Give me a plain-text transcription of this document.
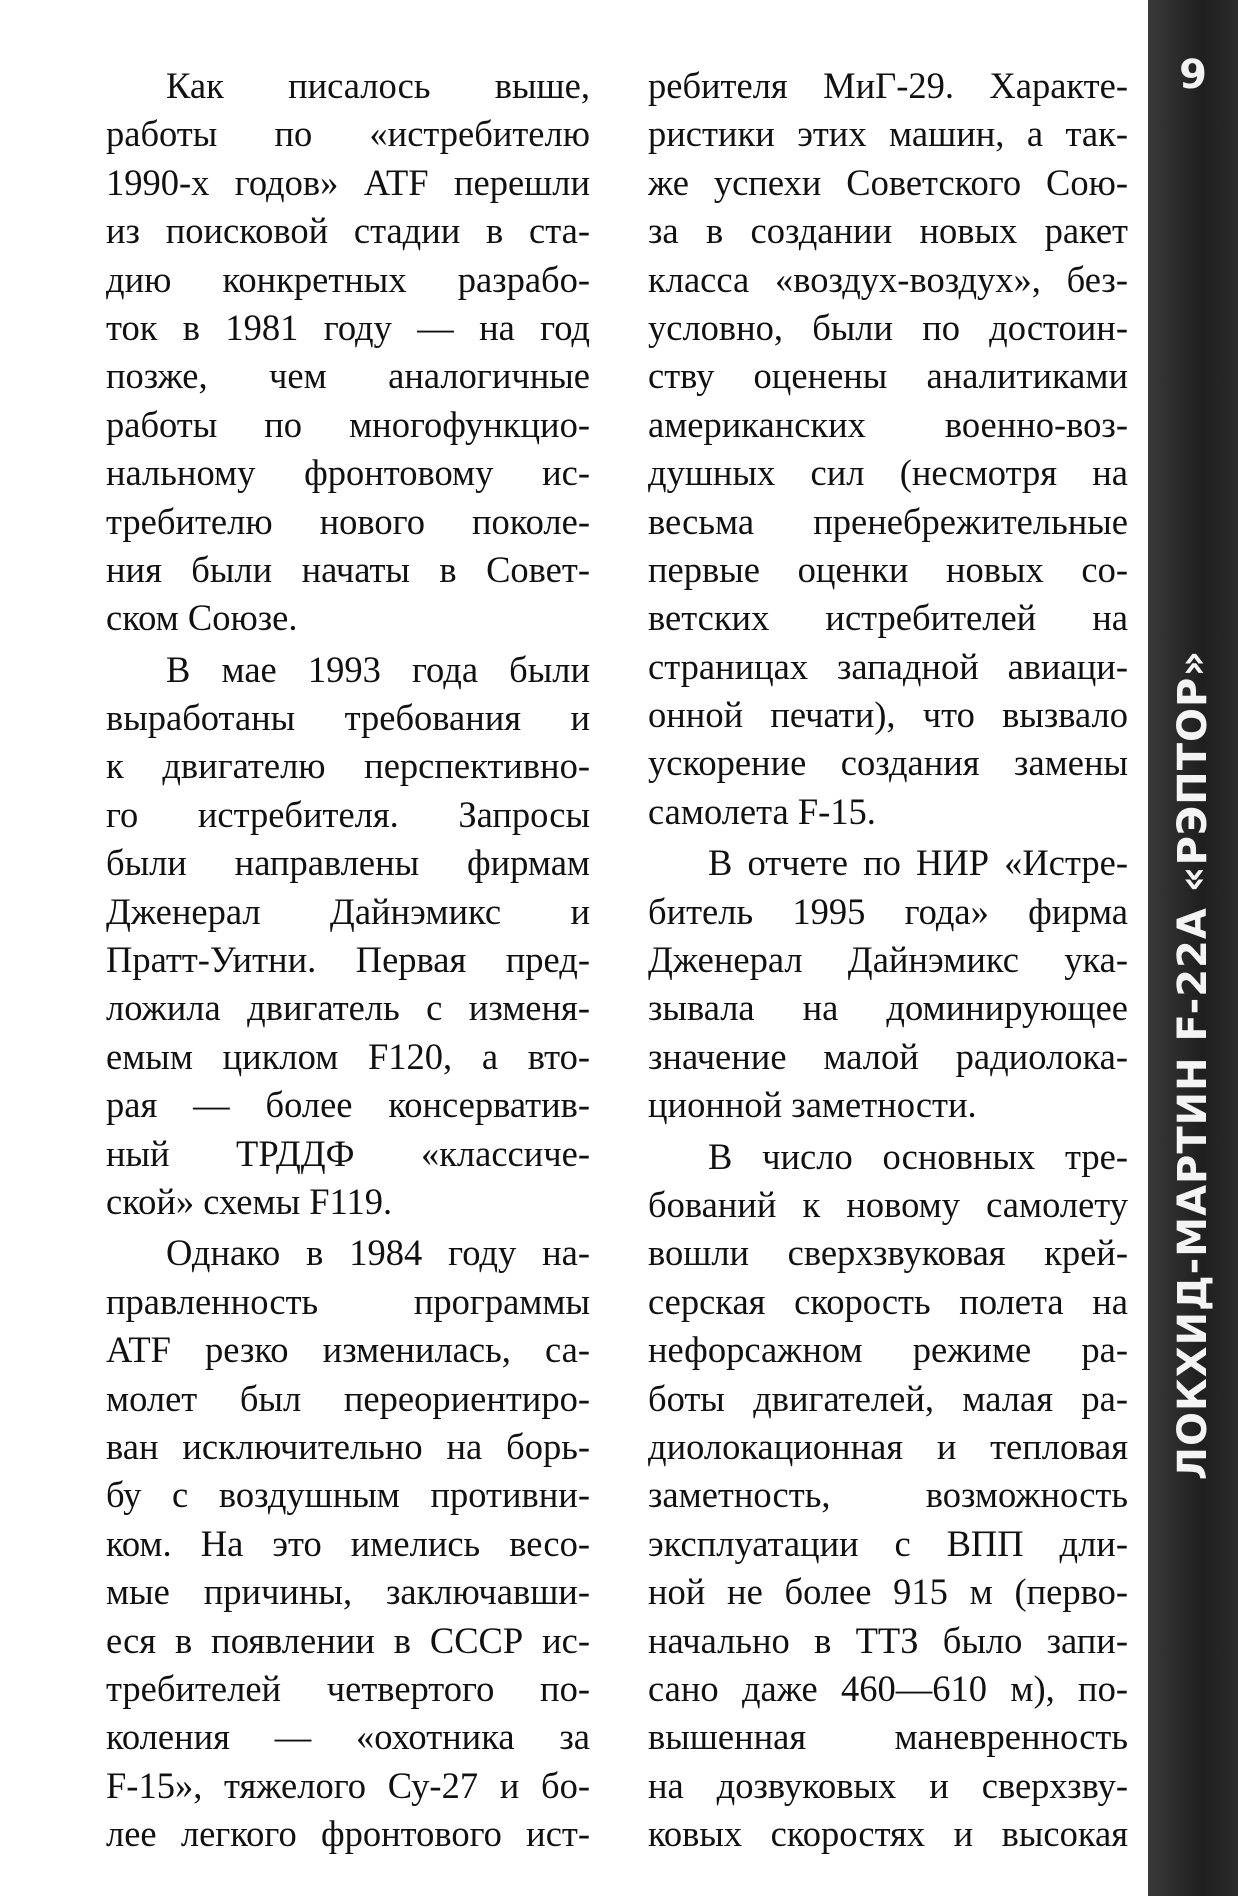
Как писалось выше,
работы по «истребителю
1990-х годов» ATF перешли
из поисковой стадии в ста-
дию конкретных разрабо-
ток в 1981 году — на год
позже, чем аналогичные
работы по многофункцио-
нальному фронтовому ис-
требителю нового поколе-
ния были начаты в Совет-
ском Союзе.
В мае 1993 года были
выработаны требования и
к двигателю перспективно-
го истребителя. Запросы
были направлены фирмам
Дженерал Дайнэмикс и
Пратт-Уитни. Первая пред-
ложила двигатель с изменя-
емым циклом F120, а вто-
рая — более консерватив-
ный ТРДДФ «классиче-
ской» схемы F119.
Однако в 1984 году на-
правленность программы
ATF резко изменилась, са-
молет был переориентиро-
ван исключительно на борь-
бу с воздушным противни-
ком. На это имелись весо-
мые причины, заключавши-
еся в появлении в СССР ис-
требителей четвертого по-
коления — «охотника за
F-15», тяжелого Су-27 и бо-
лее легкого фронтового ист-
ребителя МиГ-29. Характе-
ристики этих машин, а так-
же успехи Советского Сою-
за в создании новых ракет
класса «воздух-воздух», без-
условно, были по достоин-
ству оценены аналитиками
американских военно-воз-
душных сил (несмотря на
весьма пренебрежительные
первые оценки новых со-
ветских истребителей на
страницах западной авиаци-
онной печати), что вызвало
ускорение создания замены
самолета F-15.
В отчете по НИР «Истре-
битель 1995 года» фирма
Дженерал Дайнэмикс ука-
зывала на доминирующее
значение малой радиолока-
ционной заметности.
В число основных тре-
бований к новому самолету
вошли сверхзвуковая крей-
серская скорость полета на
нефорсажном режиме ра-
боты двигателей, малая ра-
диолокационная и тепловая
заметность, возможность
эксплуатации с ВПП дли-
ной не более 915 м (перво-
начально в ТТЗ было запи-
сано даже 460—610 м), по-
вышенная маневренность
на дозвуковых и сверхзву-
ковых скоростях и высокая
9
ЛОКХИД-МАРТИН F-22A «РЭПТОР»
